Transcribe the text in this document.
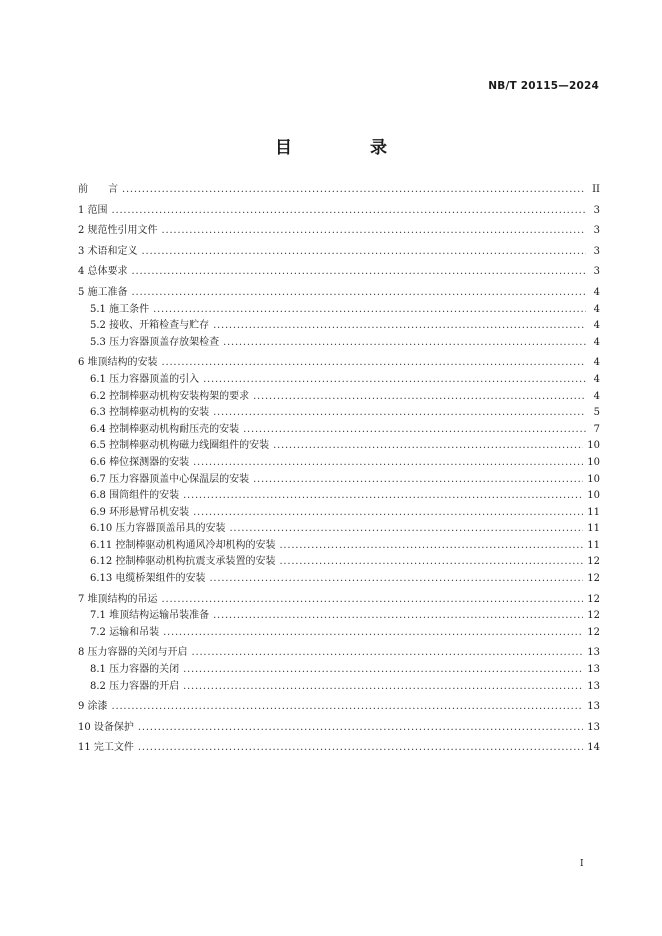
NB/T 20115—2024
目 录
前　　言 . . .	II
1 范围 . . .	3
2 规范性引用文件 . . .	3
3 术语和定义 . . .	3
4 总体要求 . . .	3
5 施工准备 . . .	4
5.1 施工条件 . . .	4
5.2 接收、开箱检查与贮存 . . .	4
5.3 压力容器顶盖存放架检查 . . .	4
6 堆顶结构的安装 . . .	4
6.1 压力容器顶盖的引入 . . .	4
6.2 控制棒驱动机构安装构架的要求 . . .	4
6.3 控制棒驱动机构的安装 . . .	5
6.4 控制棒驱动机构耐压壳的安装 . . .	7
6.5 控制棒驱动机构磁力线圈组件的安装 . . .	10
6.6 棒位探测器的安装 . . .	10
6.7 压力容器顶盖中心保温层的安装 . . .	10
6.8 围筒组件的安装 . . .	10
6.9 环形悬臂吊机安装 . . .	11
6.10 压力容器顶盖吊具的安装 . . .	11
6.11 控制棒驱动机构通风冷却机构的安装 . . .	11
6.12 控制棒驱动机构抗震支承装置的安装 . . .	12
6.13 电缆桥架组件的安装 . . .	12
7 堆顶结构的吊运 . . .	12
7.1 堆顶结构运输吊装准备 . . .	12
7.2 运输和吊装 . . .	12
8 压力容器的关闭与开启 . . .	13
8.1 压力容器的关闭 . . .	13
8.2 压力容器的开启 . . .	13
9 涂漆 . . .	13
10 设备保护 . . .	13
11 完工文件 . . .	14
I
